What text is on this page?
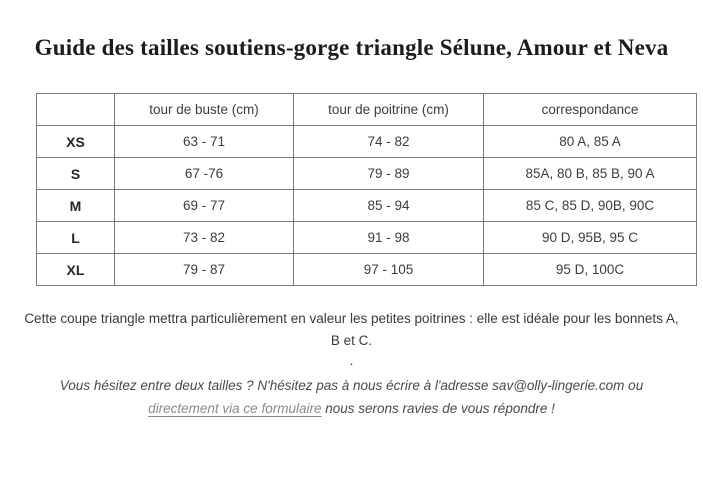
Guide des tailles soutiens-gorge triangle Sélune, Amour et Neva
	tour de buste (cm)	tour de poitrine (cm)	correspondance
XS	63 - 71	74 - 82	80 A, 85 A
S	67 -76	79 - 89	85A, 80 B, 85 B, 90 A
M	69 - 77	85 - 94	85 C, 85 D, 90B, 90C
L	73 - 82	91 - 98	90 D, 95B, 95 C
XL	79 - 87	97 - 105	95 D, 100C

Cette coupe triangle mettra particulièrement en valeur les petites poitrines : elle est idéale pour les bonnets A, B et C.

.

Vous hésitez entre deux tailles ? N'hésitez pas à nous écrire à l'adresse sav@olly-lingerie.com ou directement via ce formulaire nous serons ravies de vous répondre !
